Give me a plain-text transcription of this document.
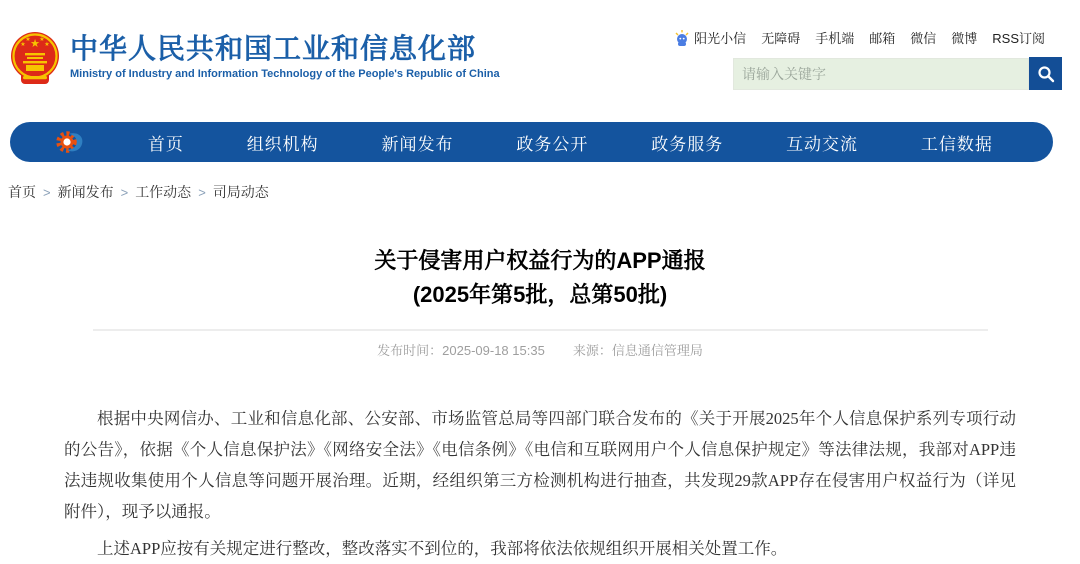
★
★
★ ★
★ 中华人民共和国工业和信息化部
Ministry of Industry and Information Technology of the People's Republic of China
阳光小信 无障碍 手机端 邮箱 微信 微博 RSS订阅
请输入关键字
首页	组织机构	新闻发布	政务公开	政务服务	互动交流	工信数据
首页 > 新闻发布 > 工作动态 > 司局动态
关于侵害用户权益行为的APP通报
(2025年第5批，总第50批)
发布时间：2025-09-18 15:35 来源：信息通信管理局

根据中央网信办、工业和信息化部、公安部、市场监管总局等四部门联合发布的《关于开展2025年个人信息保护系列专项行动的公告》，依据《个人信息保护法》《网络安全法》《电信条例》《电信和互联网用户个人信息保护规定》等法律法规，我部对APP违法违规收集使用个人信息等问题开展治理。近期，经组织第三方检测机构进行抽查，共发现29款APP存在侵害用户权益行为（详见附件），现予以通报。

上述APP应按有关规定进行整改，整改落实不到位的，我部将依法依规组织开展相关处置工作。
